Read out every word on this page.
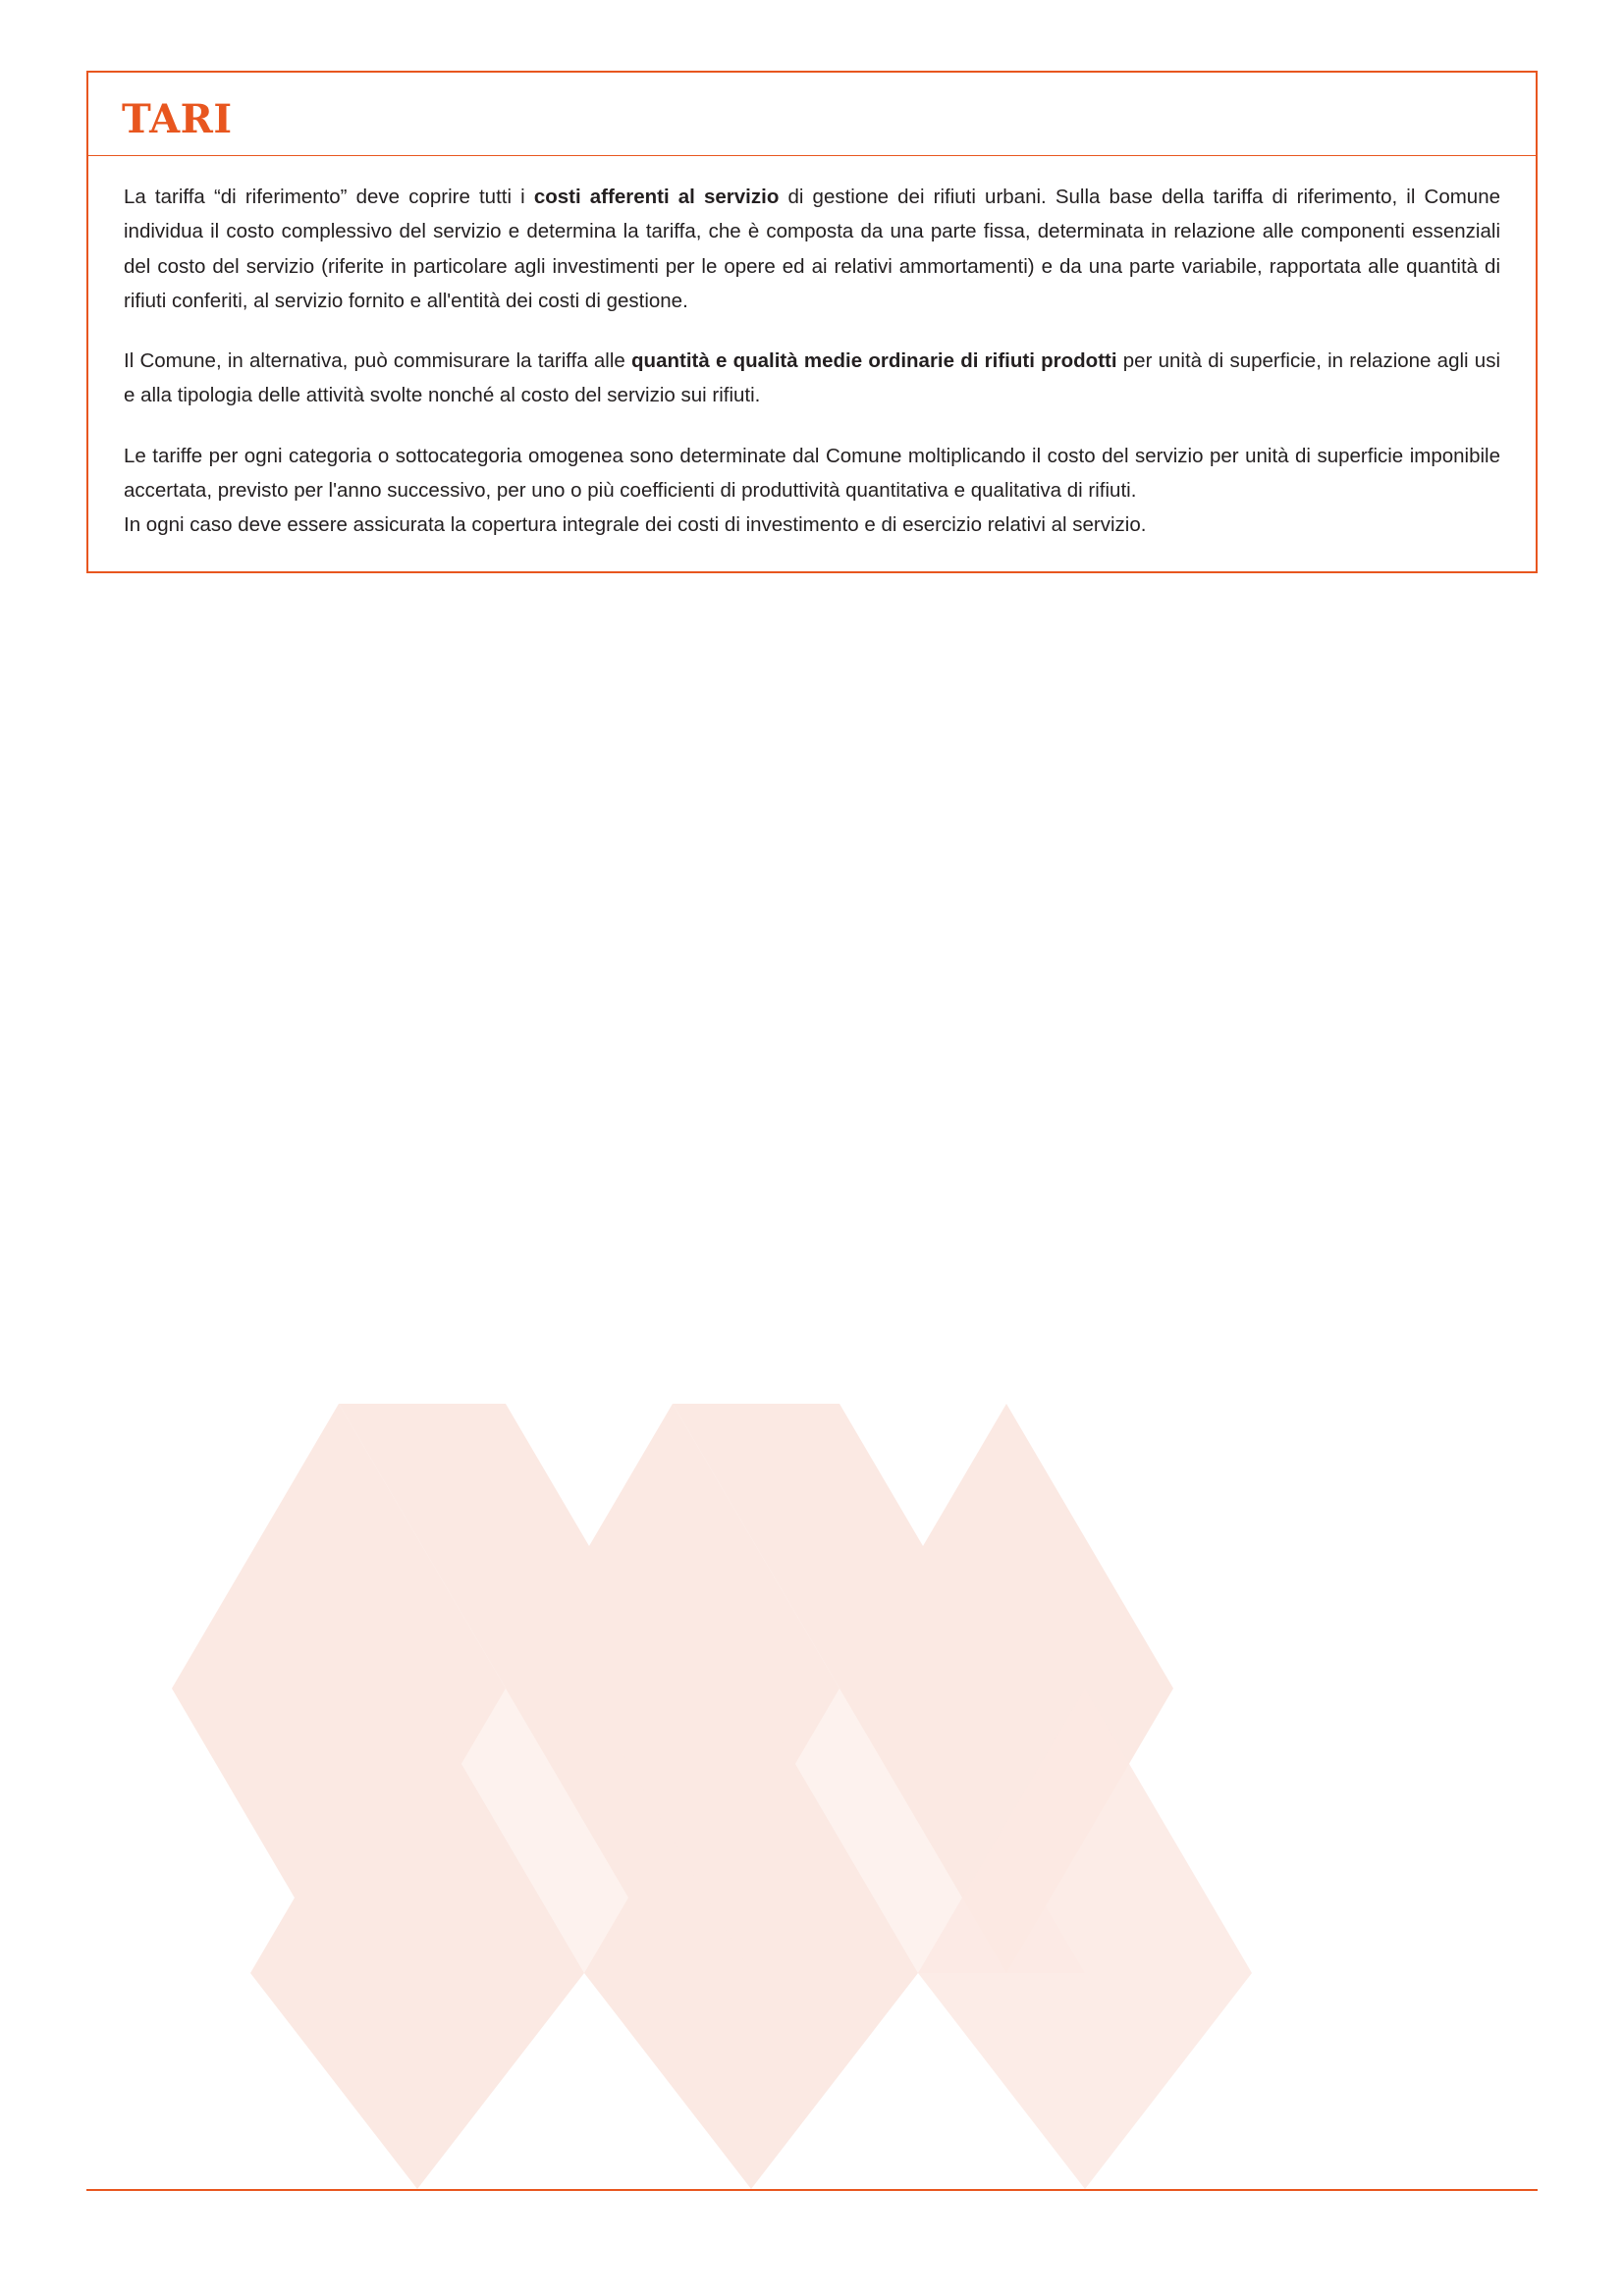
TARI

La tariffa “di riferimento” deve coprire tutti i costi afferenti al servizio di gestione dei rifiuti urbani. Sulla base della tariffa di riferimento, il Comune individua il costo complessivo del servizio e determina la tariffa, che è composta da una parte fissa, determinata in relazione alle componenti essenziali del costo del servizio (riferite in particolare agli investimenti per le opere ed ai relativi ammortamenti) e da una parte variabile, rapportata alle quantità di rifiuti conferiti, al servizio fornito e all'entità dei costi di gestione.

Il Comune, in alternativa, può commisurare la tariffa alle quantità e qualità medie ordinarie di rifiuti prodotti per unità di superficie, in relazione agli usi e alla tipologia delle attività svolte nonché al costo del servizio sui rifiuti.

Le tariffe per ogni categoria o sottocategoria omogenea sono determinate dal Comune moltiplicando il costo del servizio per unità di superficie imponibile accertata, previsto per l'anno successivo, per uno o più coefficienti di produttività quantitativa e qualitativa di rifiuti.

In ogni caso deve essere assicurata la copertura integrale dei costi di investimento e di esercizio relativi al servizio.
